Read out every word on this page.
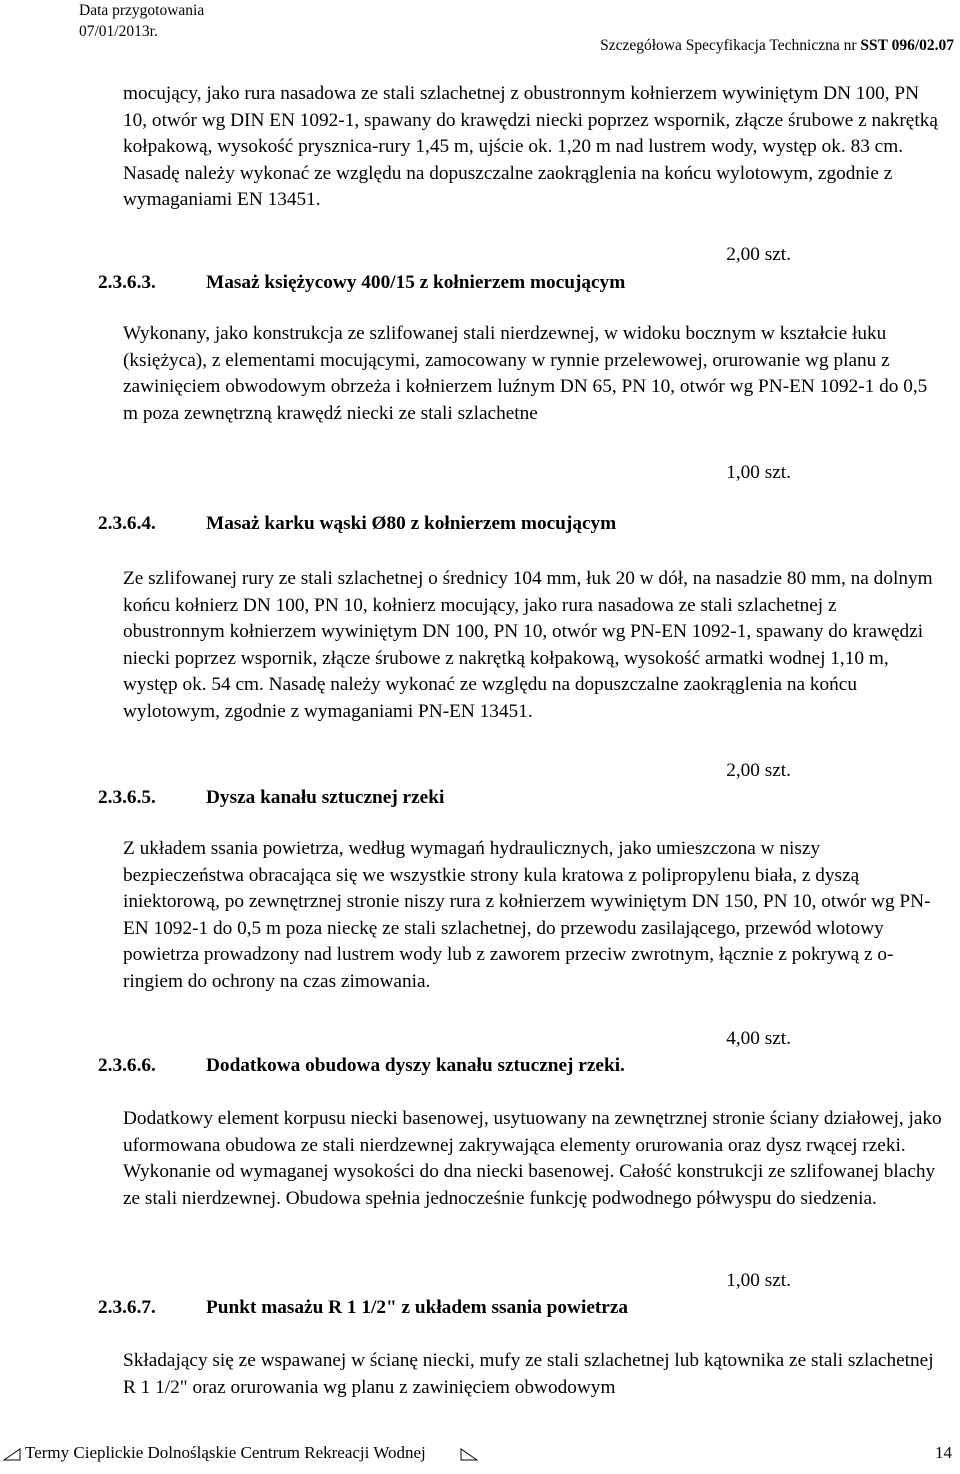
Data przygotowania
07/01/2013r.
Szczegółowa Specyfikacja Techniczna nr SST 096/02.07

mocujący, jako rura nasadowa ze stali szlachetnej z obustronnym kołnierzem wywiniętym DN 100, PN 10, otwór wg DIN EN 1092-1, spawany do krawędzi niecki poprzez wspornik, złącze śrubowe z nakrętką kołpakową, wysokość prysznica-rury 1,45 m, ujście ok. 1,20 m nad lustrem wody, występ ok. 83 cm. Nasadę należy wykonać ze względu na dopuszczalne zaokrąglenia na końcu wylotowym, zgodnie z wymaganiami EN 13451.

2,00 szt.
2.3.6.3.	Masaż księżycowy 400/15 z kołnierzem mocującym

Wykonany, jako konstrukcja ze szlifowanej stali nierdzewnej, w widoku bocznym w kształcie łuku (księżyca), z elementami mocującymi, zamocowany w rynnie przelewowej, orurowanie wg planu z zawinięciem obwodowym obrzeża i kołnierzem luźnym DN 65, PN 10, otwór wg PN-EN 1092-1 do 0,5 m poza zewnętrzną krawędź niecki ze stali szlachetne

1,00 szt.
2.3.6.4.	Masaż karku wąski Ø80 z kołnierzem mocującym

Ze szlifowanej rury ze stali szlachetnej o średnicy 104 mm, łuk 20 w dół, na nasadzie 80 mm, na dolnym końcu kołnierz DN 100, PN 10, kołnierz mocujący, jako rura nasadowa ze stali szlachetnej z obustronnym kołnierzem wywiniętym DN 100, PN 10, otwór wg PN-EN 1092-1, spawany do krawędzi niecki poprzez wspornik, złącze śrubowe z nakrętką kołpakową, wysokość armatki wodnej 1,10 m, występ ok. 54 cm. Nasadę należy wykonać ze względu na dopuszczalne zaokrąglenia na końcu wylotowym, zgodnie z wymaganiami PN-EN 13451.

2,00 szt.
2.3.6.5.	Dysza kanału sztucznej rzeki

Z układem ssania powietrza, według wymagań hydraulicznych, jako umieszczona w niszy bezpieczeństwa obracająca się we wszystkie strony kula kratowa z polipropylenu biała, z dyszą iniektorową, po zewnętrznej stronie niszy rura z kołnierzem wywiniętym DN 150, PN 10, otwór wg PN-EN 1092-1 do 0,5 m poza nieckę ze stali szlachetnej, do przewodu zasilającego, przewód wlotowy powietrza prowadzony nad lustrem wody lub z zaworem przeciw zwrotnym, łącznie z pokrywą z o-ringiem do ochrony na czas zimowania.

4,00 szt.
2.3.6.6.	Dodatkowa obudowa dyszy kanału sztucznej rzeki.

Dodatkowy element korpusu niecki basenowej, usytuowany na zewnętrznej stronie ściany działowej, jako uformowana obudowa ze stali nierdzewnej zakrywająca elementy orurowania oraz dysz rwącej rzeki. Wykonanie od wymaganej wysokości do dna niecki basenowej. Całość konstrukcji ze szlifowanej blachy ze stali nierdzewnej. Obudowa spełnia jednocześnie funkcję podwodnego półwyspu do siedzenia.

1,00 szt.
2.3.6.7.	Punkt masażu R 1 1/2" z układem ssania powietrza

Składający się ze wspawanej w ścianę niecki, mufy ze stali szlachetnej lub kątownika ze stali szlachetnej R 1 1/2" oraz orurowania wg planu z zawinięciem obwodowym

Termy Cieplickie Dolnośląskie Centrum Rekreacji Wodnej	14
